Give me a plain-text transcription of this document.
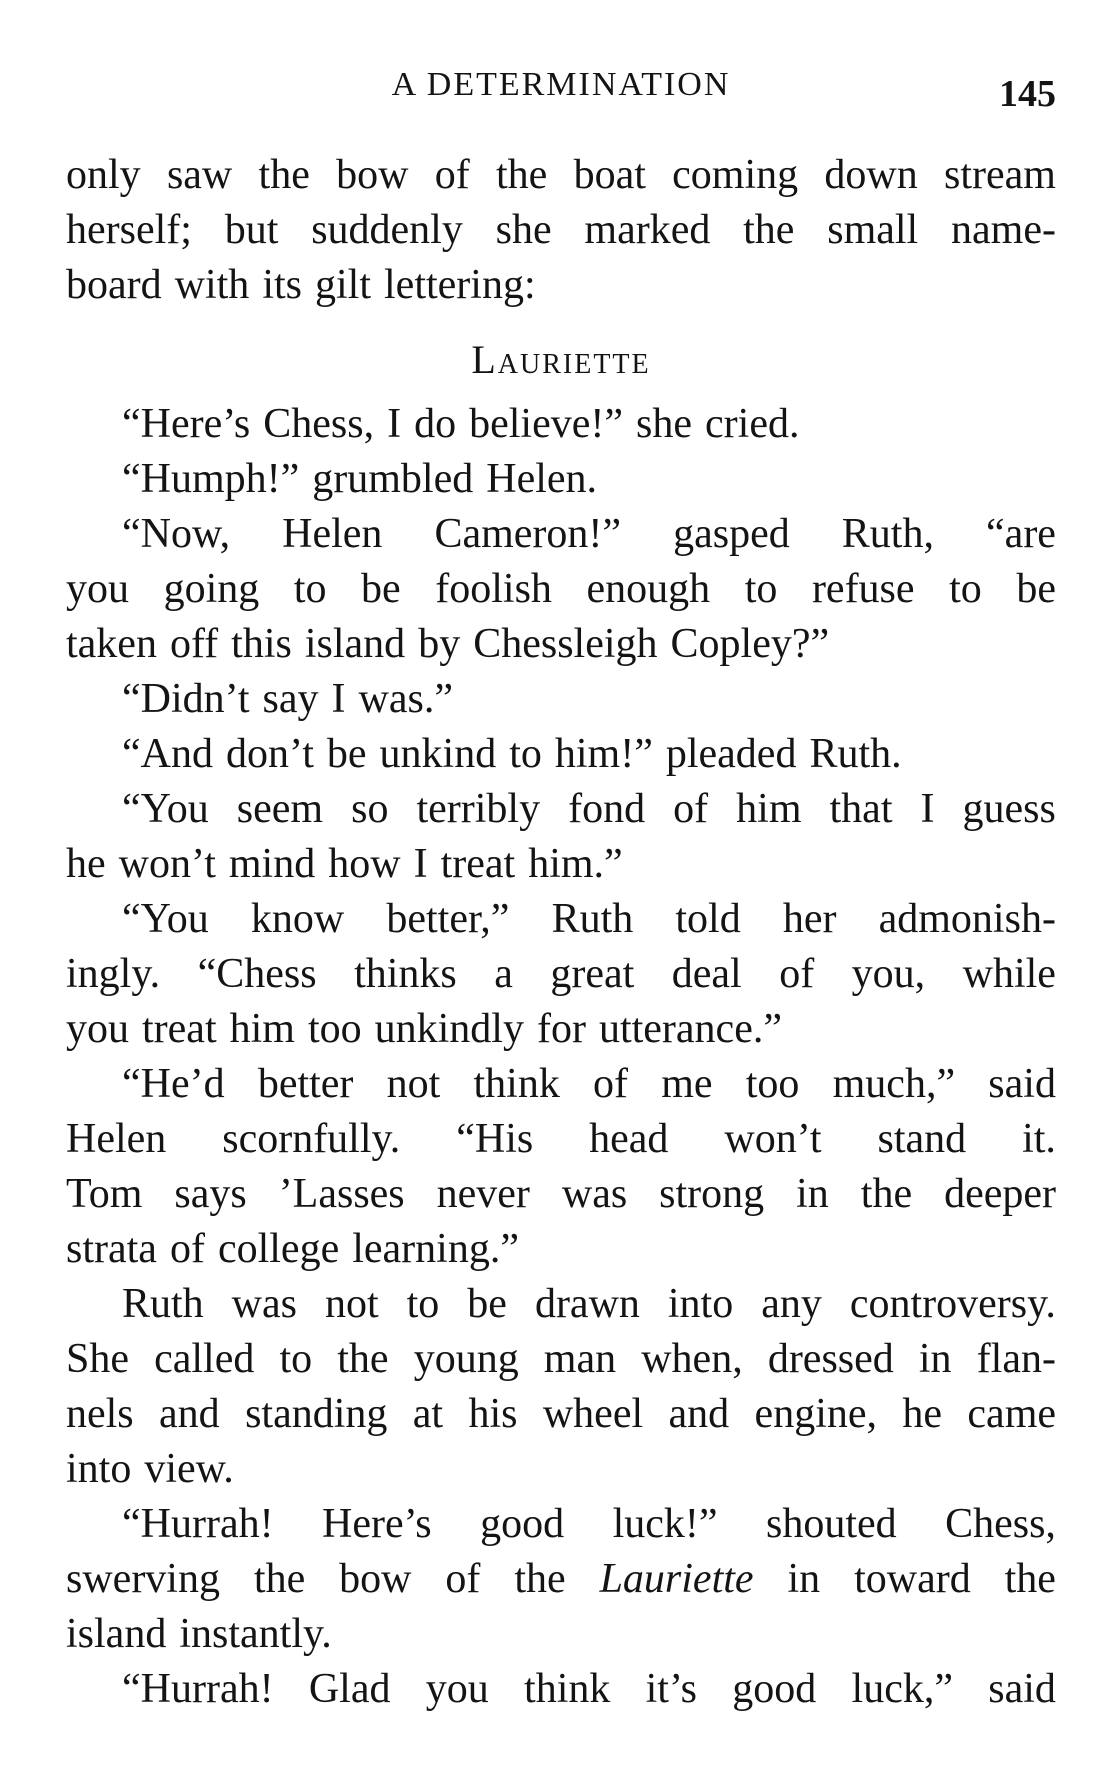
A DETERMINATION	145
only saw the bow of the boat coming down stream
herself; but suddenly she marked the small name-
board with its gilt lettering:
Lauriette
“Here’s Chess, I do believe!” she cried.
“Humph!” grumbled Helen.
“Now, Helen Cameron!” gasped Ruth, “are
you going to be foolish enough to refuse to be
taken off this island by Chessleigh Copley?”
“Didn’t say I was.”
“And don’t be unkind to him!” pleaded Ruth.
“You seem so terribly fond of him that I guess
he won’t mind how I treat him.”
“You know better,” Ruth told her admonish-
ingly. “Chess thinks a great deal of you, while
you treat him too unkindly for utterance.”
“He’d better not think of me too much,” said
Helen scornfully. “His head won’t stand it.
Tom says ’Lasses never was strong in the deeper
strata of college learning.”
Ruth was not to be drawn into any controversy.
She called to the young man when, dressed in flan-
nels and standing at his wheel and engine, he came
into view.
“Hurrah! Here’s good luck!” shouted Chess,
swerving the bow of the Lauriette in toward the
island instantly.
“Hurrah! Glad you think it’s good luck,” said
